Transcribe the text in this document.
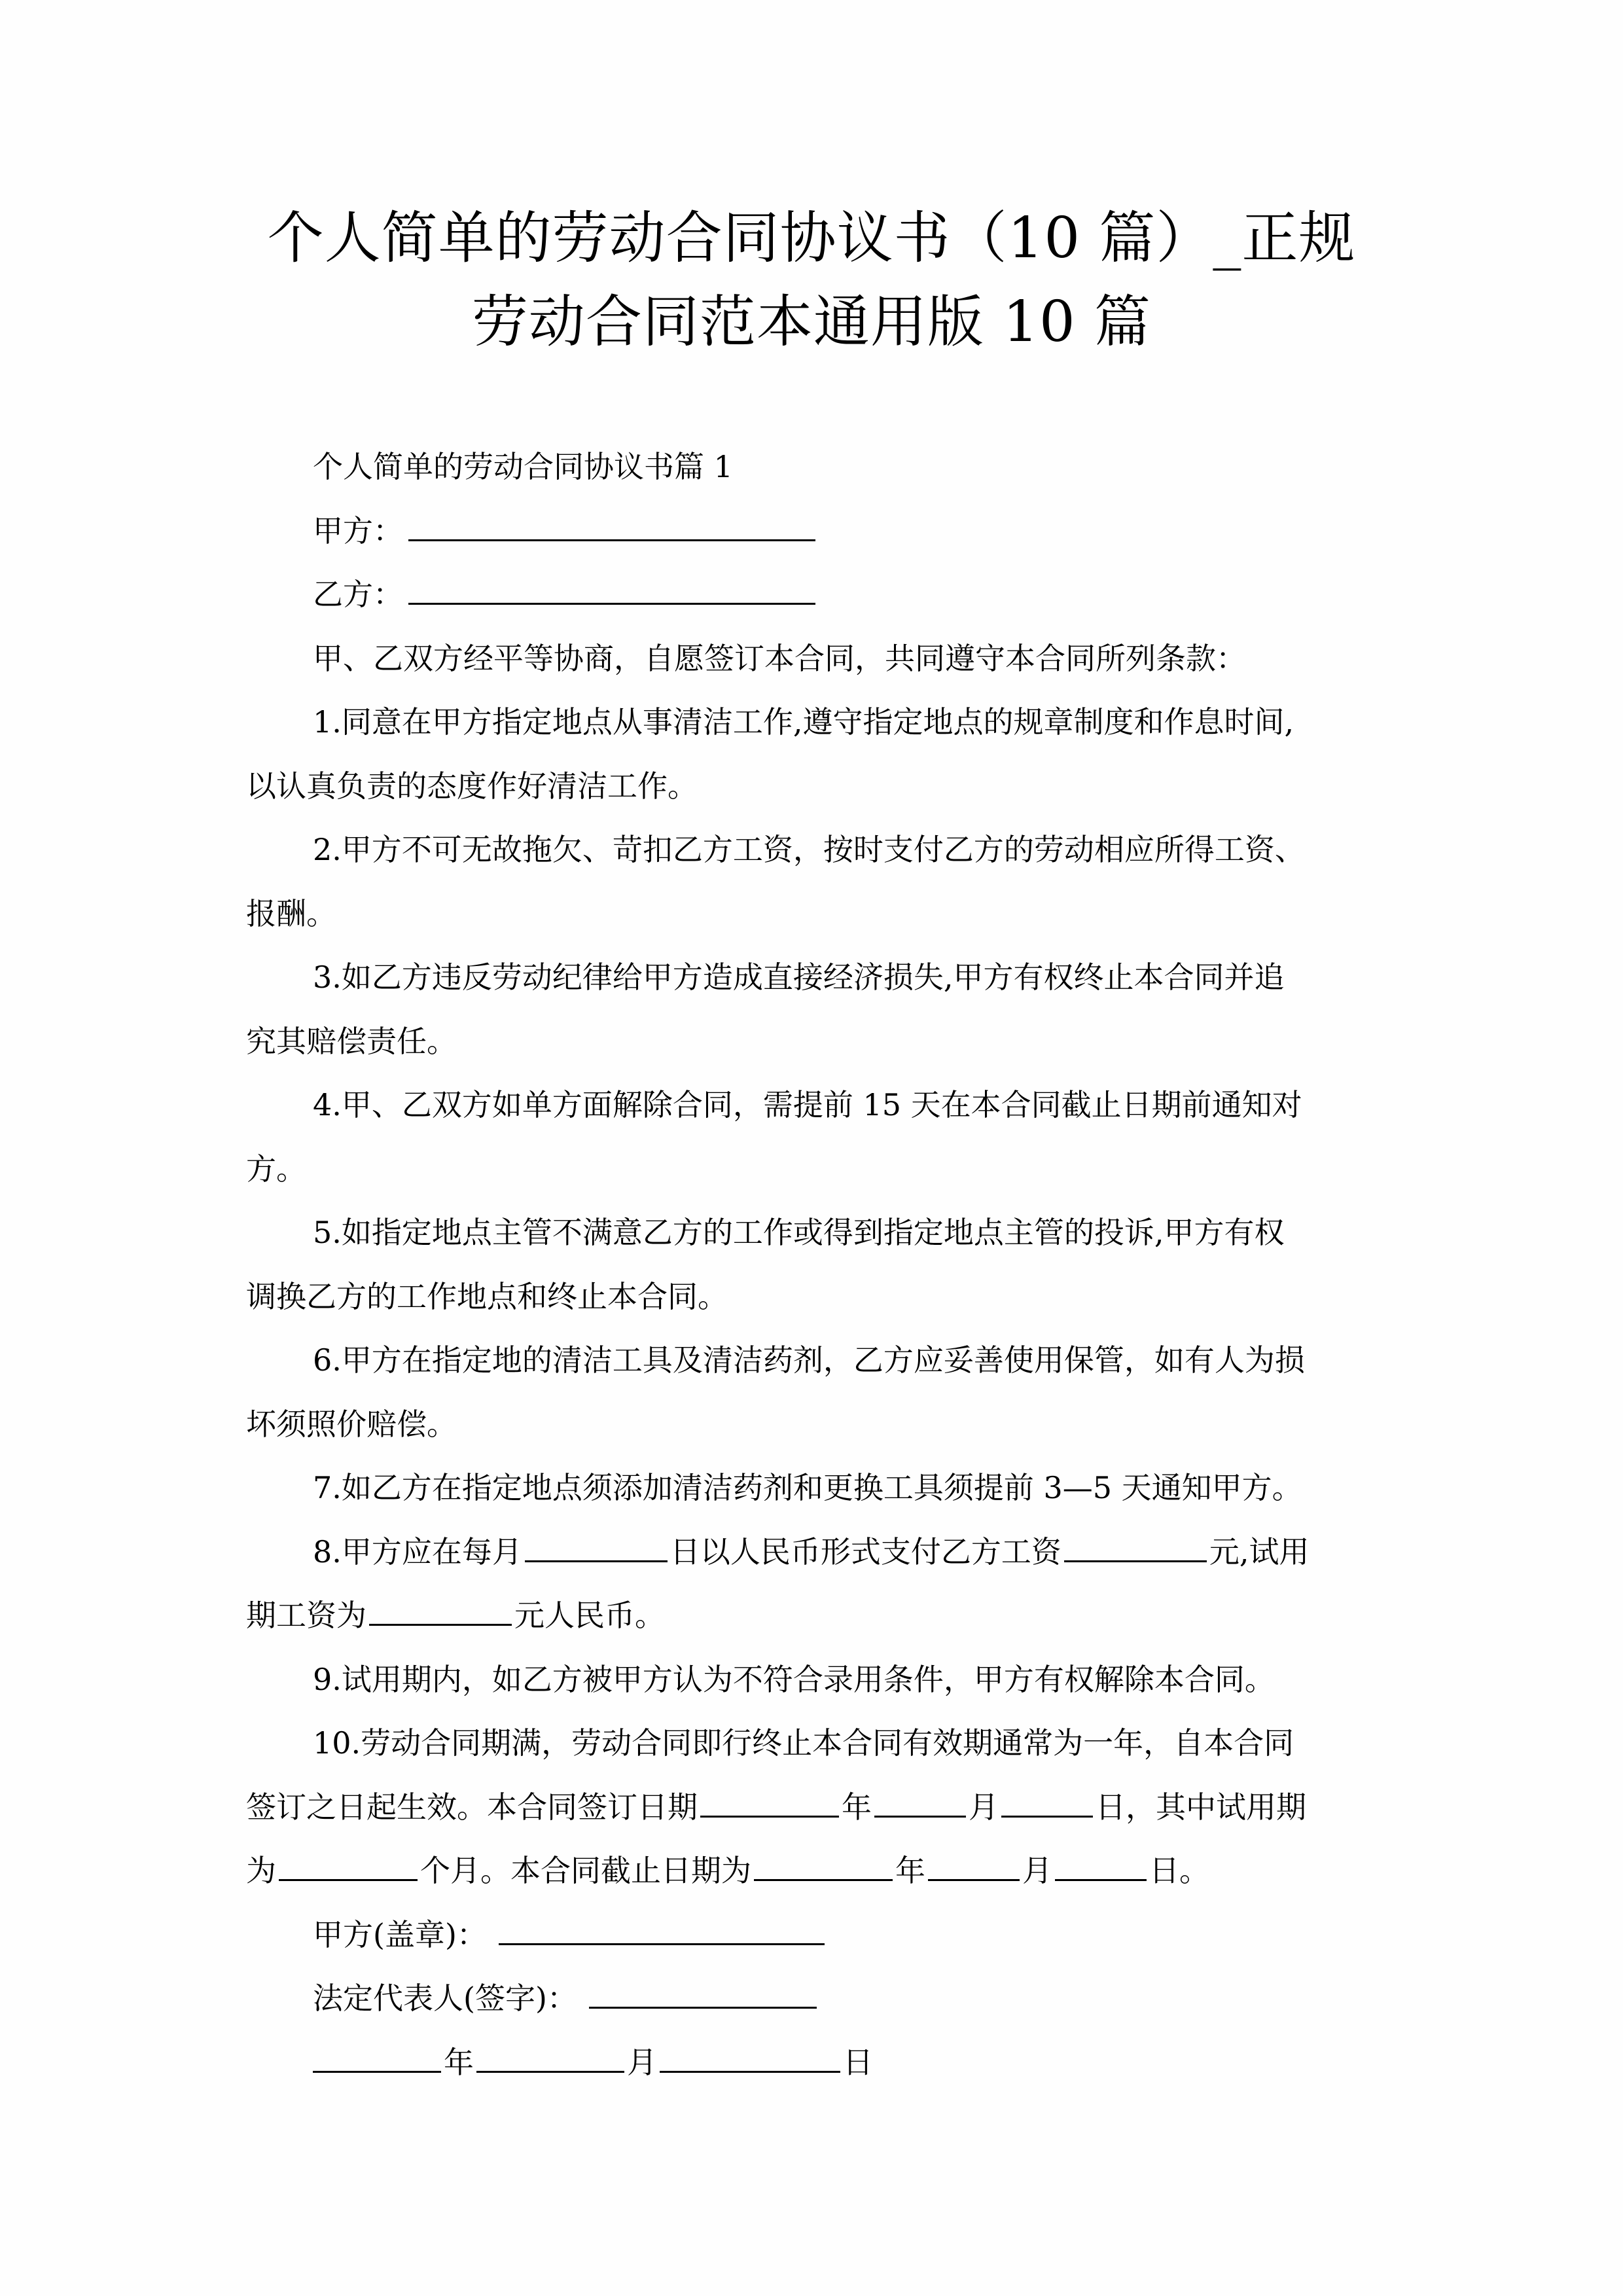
个人简单的劳动合同协议书（10 篇）_正规
劳动合同范本通用版 10 篇

个人简单的劳动合同协议书篇 1

甲方：

乙方：

甲、乙双方经平等协商，自愿签订本合同，共同遵守本合同所列条款：

1.同意在甲方指定地点从事清洁工作,遵守指定地点的规章制度和作息时间,
以认真负责的态度作好清洁工作。

2.甲方不可无故拖欠、苛扣乙方工资，按时支付乙方的劳动相应所得工资、
报酬。

3.如乙方违反劳动纪律给甲方造成直接经济损失,甲方有权终止本合同并追
究其赔偿责任。

4.甲、乙双方如单方面解除合同，需提前 15 天在本合同截止日期前通知对
方。

5.如指定地点主管不满意乙方的工作或得到指定地点主管的投诉,甲方有权
调换乙方的工作地点和终止本合同。

6.甲方在指定地的清洁工具及清洁药剂，乙方应妥善使用保管，如有人为损
坏须照价赔偿。

7.如乙方在指定地点须添加清洁药剂和更换工具须提前 3—5 天通知甲方。

8.甲方应在每月	日以人民币形式支付乙方工资	元,试用
期工资为	元人民币。

9.试用期内，如乙方被甲方认为不符合录用条件，甲方有权解除本合同。

10.劳动合同期满，劳动合同即行终止本合同有效期通常为一年，自本合同
签订之日起生效。本合同签订日期	年	月	日，其中试用期
为	个月。本合同截止日期为	年	月	日。

甲方(盖章)：

法定代表人(签字)：

年	月	日
